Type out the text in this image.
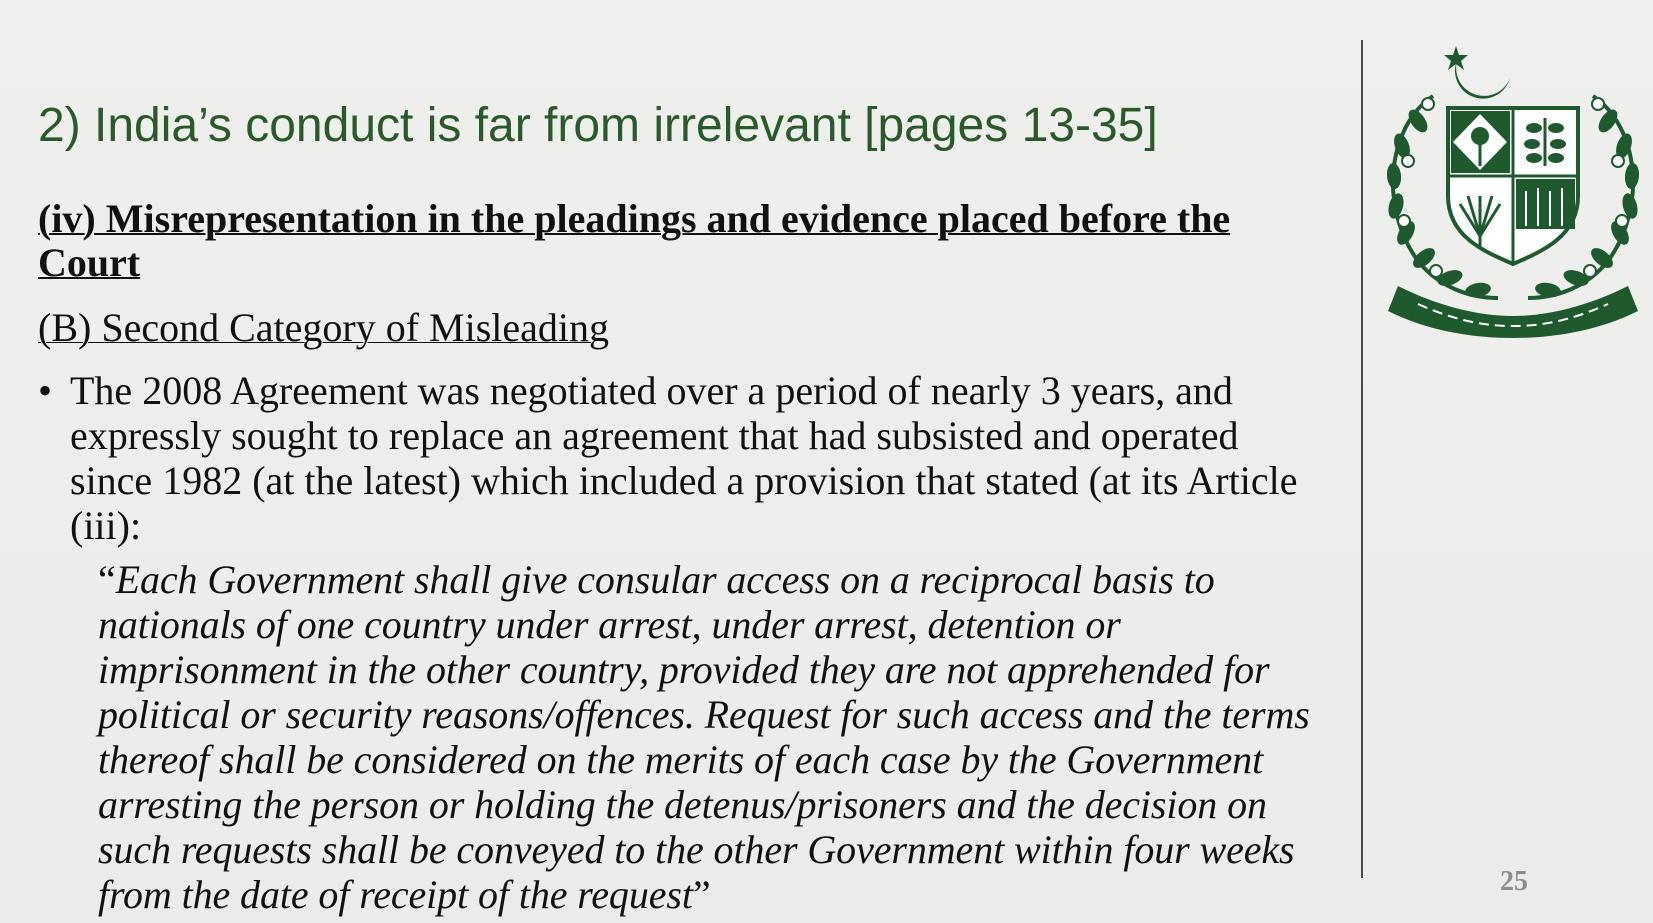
2) India’s conduct is far from irrelevant [pages 13-35]
(iv) Misrepresentation in the pleadings and evidence placed before the Court
(B) Second Category of Misleading
• The 2008 Agreement was negotiated over a period of nearly 3 years, and expressly sought to replace an agreement that had subsisted and operated since 1982 (at the latest) which included a provision that stated (at its Article (iii):
“Each Government shall give consular access on a reciprocal basis to nationals of one country under arrest, under arrest, detention or imprisonment in the other country, provided they are not apprehended for political or security reasons/offences. Request for such access and the terms thereof shall be considered on the merits of each case by the Government arresting the person or holding the detenus/prisoners and the decision on such requests shall be conveyed to the other Government within four weeks from the date of receipt of the request”	25
